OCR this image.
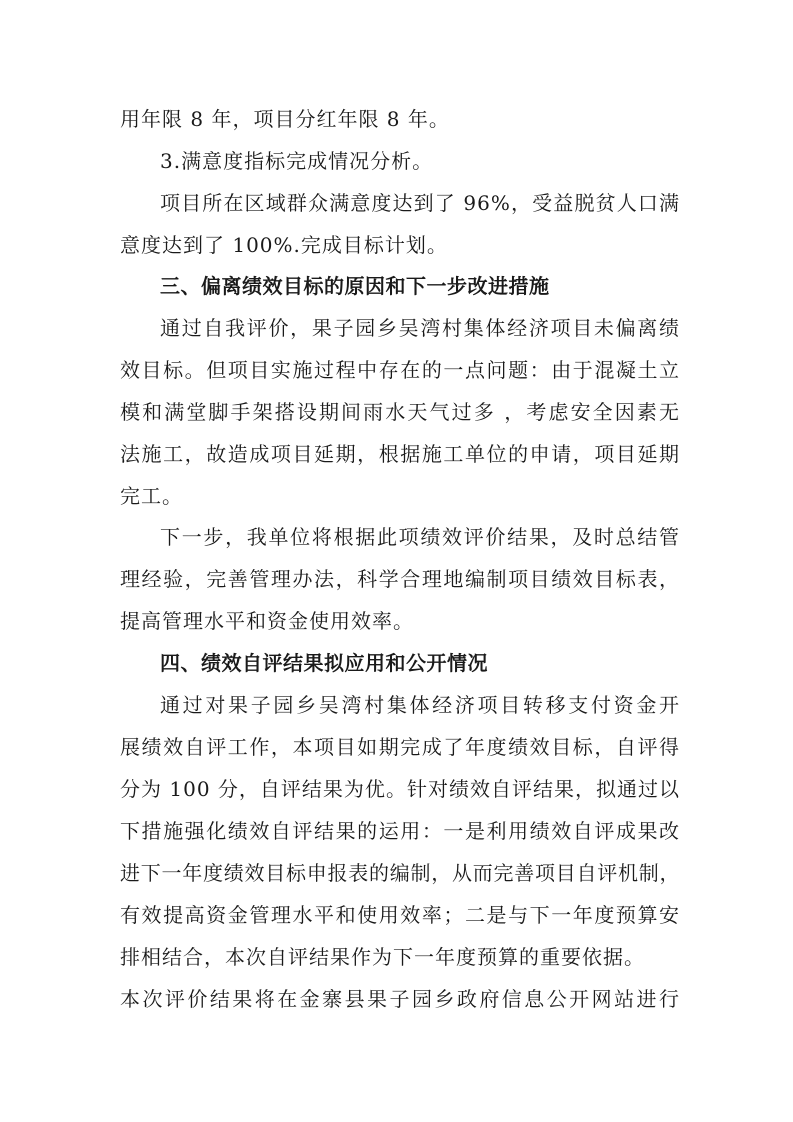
用年限 8 年，项目分红年限 8 年。
3.满意度指标完成情况分析。
项目所在区域群众满意度达到了 96%，受益脱贫人口满
意度达到了 100%.完成目标计划。
三、偏离绩效目标的原因和下一步改进措施
通过自我评价，果子园乡吴湾村集体经济项目未偏离绩
效目标。但项目实施过程中存在的一点问题：由于混凝土立
模和满堂脚手架搭设期间雨水天气过多 ，考虑安全因素无
法施工，故造成项目延期，根据施工单位的申请，项目延期
完工。
下一步，我单位将根据此项绩效评价结果，及时总结管
理经验，完善管理办法，科学合理地编制项目绩效目标表，
提高管理水平和资金使用效率。
四、绩效自评结果拟应用和公开情况
通过对果子园乡吴湾村集体经济项目转移支付资金开
展绩效自评工作，本项目如期完成了年度绩效目标，自评得
分为 100 分，自评结果为优。针对绩效自评结果，拟通过以
下措施强化绩效自评结果的运用：一是利用绩效自评成果改
进下一年度绩效目标申报表的编制，从而完善项目自评机制，
有效提高资金管理水平和使用效率；二是与下一年度预算安
排相结合，本次自评结果作为下一年度预算的重要依据。
本次评价结果将在金寨县果子园乡政府信息公开网站进行
